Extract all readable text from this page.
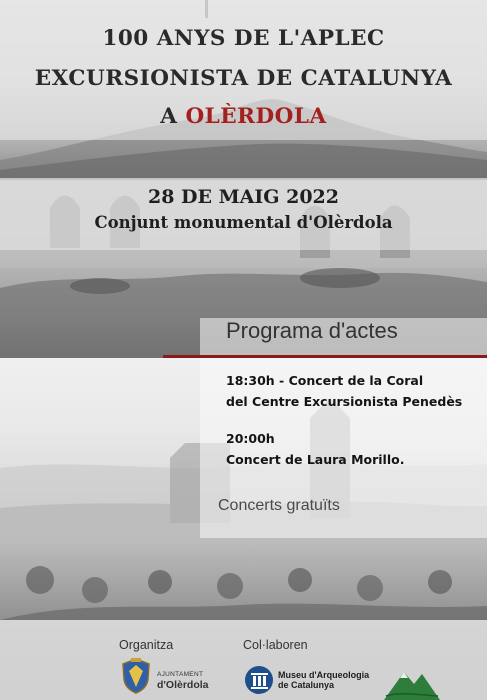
100 ANYS DE L'APLEC
EXCURSIONISTA DE CATALUNYA
A OLÈRDOLA
28 DE MAIG 2022
Conjunt monumental d'Olèrdola
Programa d'actes
18:30h - Concert de la Coral
del Centre Excursionista Penedès
20:00h
Concert de Laura Morillo.
Concerts gratuïts
Organitza	Col·laboren
AJUNTAMENT
d'Olèrdola
Museu d'Arqueologia
de Catalunya
